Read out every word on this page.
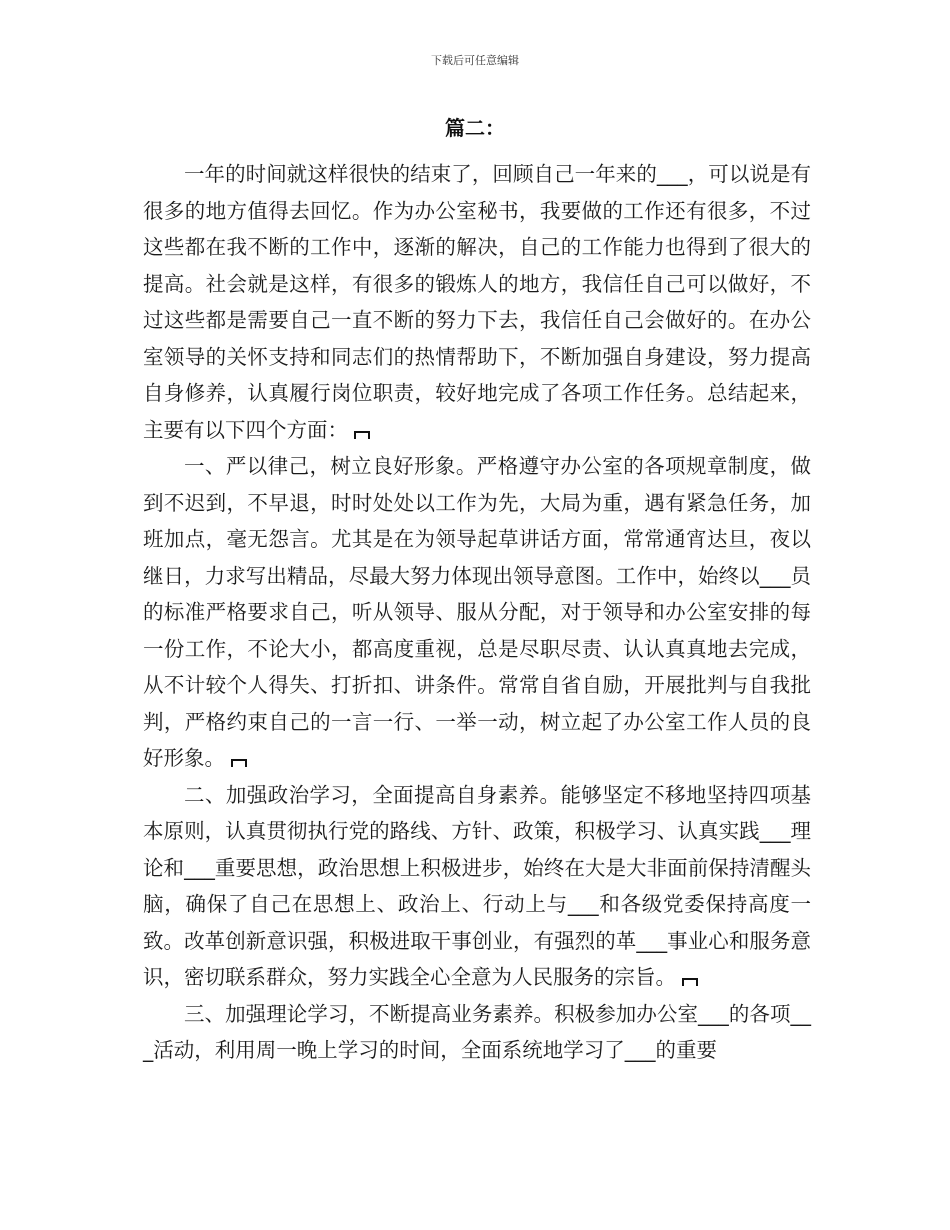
下载后可任意编辑
篇二：

一年的时间就这样很快的结束了，回顾自己一年来的___，可以说是有很多的地方值得去回忆。作为办公室秘书，我要做的工作还有很多，不过这些都在我不断的工作中，逐渐的解决，自己的工作能力也得到了很大的提高。社会就是这样，有很多的锻炼人的地方，我信任自己可以做好，不过这些都是需要自己一直不断的努力下去，我信任自己会做好的。在办公室领导的关怀支持和同志们的热情帮助下，不断加强自身建设，努力提高自身修养，认真履行岗位职责，较好地完成了各项工作任务。总结起来，主要有以下四个方面：

一、严以律己，树立良好形象。严格遵守办公室的各项规章制度，做到不迟到，不早退，时时处处以工作为先，大局为重，遇有紧急任务，加班加点，毫无怨言。尤其是在为领导起草讲话方面，常常通宵达旦，夜以继日，力求写出精品，尽最大努力体现出领导意图。工作中，始终以___员的标准严格要求自己，听从领导、服从分配，对于领导和办公室安排的每一份工作，不论大小，都高度重视，总是尽职尽责、认认真真地去完成，从不计较个人得失、打折扣、讲条件。常常自省自励，开展批判与自我批判，严格约束自己的一言一行、一举一动，树立起了办公室工作人员的良好形象。

二、加强政治学习，全面提高自身素养。能够坚定不移地坚持四项基本原则，认真贯彻执行党的路线、方针、政策，积极学习、认真实践___理论和___重要思想，政治思想上积极进步，始终在大是大非面前保持清醒头脑，确保了自己在思想上、政治上、行动上与___和各级党委保持高度一致。改革创新意识强，积极进取干事创业，有强烈的革___事业心和服务意识，密切联系群众，努力实践全心全意为人民服务的宗旨。

三、加强理论学习，不断提高业务素养。积极参加办公室___的各项___活动，利用周一晚上学习的时间，全面系统地学习了___的重要
